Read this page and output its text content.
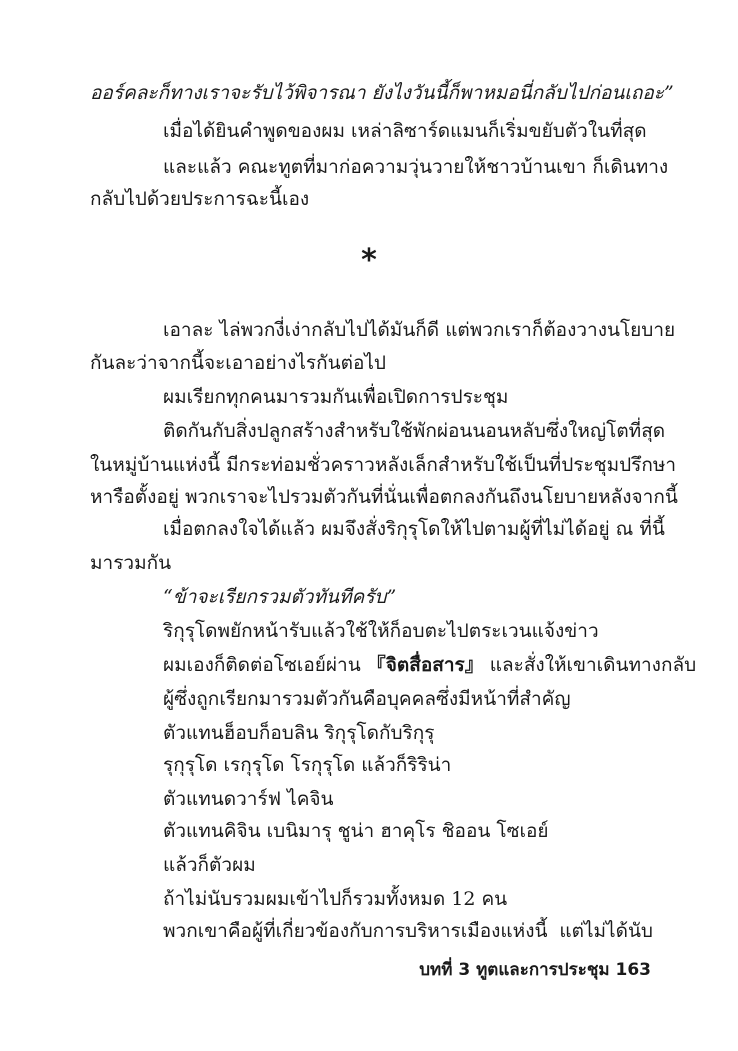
ออร์คละก็ทางเราจะรับไว้พิจารณา ยังไงวันนี้ก็พาหมอนี่กลับไปก่อนเถอะ”
เมื่อได้ยินคำพูดของผม เหล่าลิซาร์ดแมนก็เริ่มขยับตัวในที่สุด
และแล้ว คณะทูตที่มาก่อความวุ่นวายให้ชาวบ้านเขา ก็เดินทาง
กลับไปด้วยประการฉะนี้เอง
*
เอาละ ไล่พวกงี่เง่ากลับไปได้มันก็ดี แต่พวกเราก็ต้องวางนโยบาย
กันละว่าจากนี้จะเอาอย่างไรกันต่อไป
ผมเรียกทุกคนมารวมกันเพื่อเปิดการประชุม
ติดกันกับสิ่งปลูกสร้างสำหรับใช้พักผ่อนนอนหลับซึ่งใหญ่โตที่สุด
ในหมู่บ้านแห่งนี้ มีกระท่อมชั่วคราวหลังเล็กสำหรับใช้เป็นที่ประชุมปรึกษา
หารือตั้งอยู่ พวกเราจะไปรวมตัวกันที่นั่นเพื่อตกลงกันถึงนโยบายหลังจากนี้
เมื่อตกลงใจได้แล้ว ผมจึงสั่งริกุรุโดให้ไปตามผู้ที่ไม่ได้อยู่ ณ ที่นี้
มารวมกัน
“ข้าจะเรียกรวมตัวทันทีครับ”
ริกุรุโดพยักหน้ารับแล้วใช้ให้ก็อบตะไปตระเวนแจ้งข่าว
ผมเองก็ติดต่อโซเอย์ผ่าน 『จิตสื่อสาร』 และสั่งให้เขาเดินทางกลับ
ผู้ซึ่งถูกเรียกมารวมตัวกันคือบุคคลซึ่งมีหน้าที่สำคัญ
ตัวแทนฮ็อบก็อบลิน ริกุรุโดกับริกุรุ
รุกุรุโด เรกุรุโด โรกุรุโด แล้วก็ริริน่า
ตัวแทนดวาร์ฟ ไคจิน
ตัวแทนคิจิน เบนิมารุ ชูน่า ฮาคุโร ชิออน โซเอย์
แล้วก็ตัวผม
ถ้าไม่นับรวมผมเข้าไปก็รวมทั้งหมด 12 คน
พวกเขาคือผู้ที่เกี่ยวข้องกับการบริหารเมืองแห่งนี้ แต่ไม่ได้นับ
บทที่ 3 ทูตและการประชุม 163
